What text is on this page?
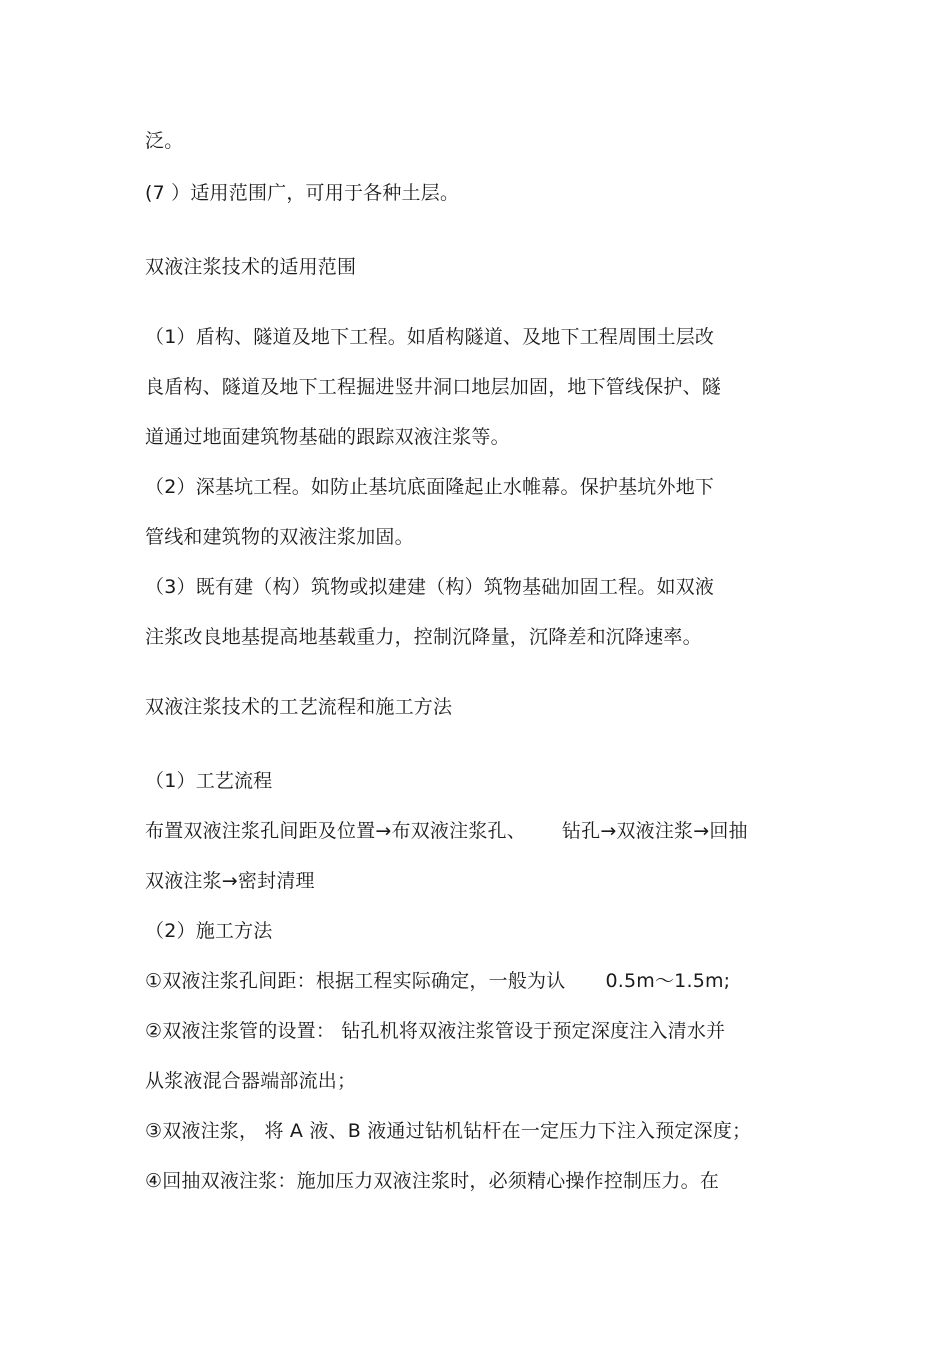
泛。
(7 ）适用范围广，可用于各种土层。
双液注浆技术的适用范围
（1）盾构、隧道及地下工程。如盾构隧道、及地下工程周围土层改
良盾构、隧道及地下工程掘进竖井洞口地层加固，地下管线保护、隧
道通过地面建筑物基础的跟踪双液注浆等。
（2）深基坑工程。如防止基坑底面隆起止水帷幕。保护基坑外地下
管线和建筑物的双液注浆加固。
（3）既有建（构）筑物或拟建建（构）筑物基础加固工程。如双液
注浆改良地基提高地基载重力，控制沉降量，沉降差和沉降速率。
双液注浆技术的工艺流程和施工方法
（1）工艺流程
布置双液注浆孔间距及位置→布双液注浆孔、 钻孔→双液注浆→回抽
双液注浆→密封清理
（2）施工方法
①双液注浆孔间距：根据工程实际确定，一般为认 0.5m～1.5m;
②双液注浆管的设置： 钻孔机将双液注浆管设于预定深度注入清水并
从浆液混合器端部流出；
③双液注浆， 将 A 液、B 液通过钻机钻杆在一定压力下注入预定深度；
④回抽双液注浆：施加压力双液注浆时，必须精心操作控制压力。在
